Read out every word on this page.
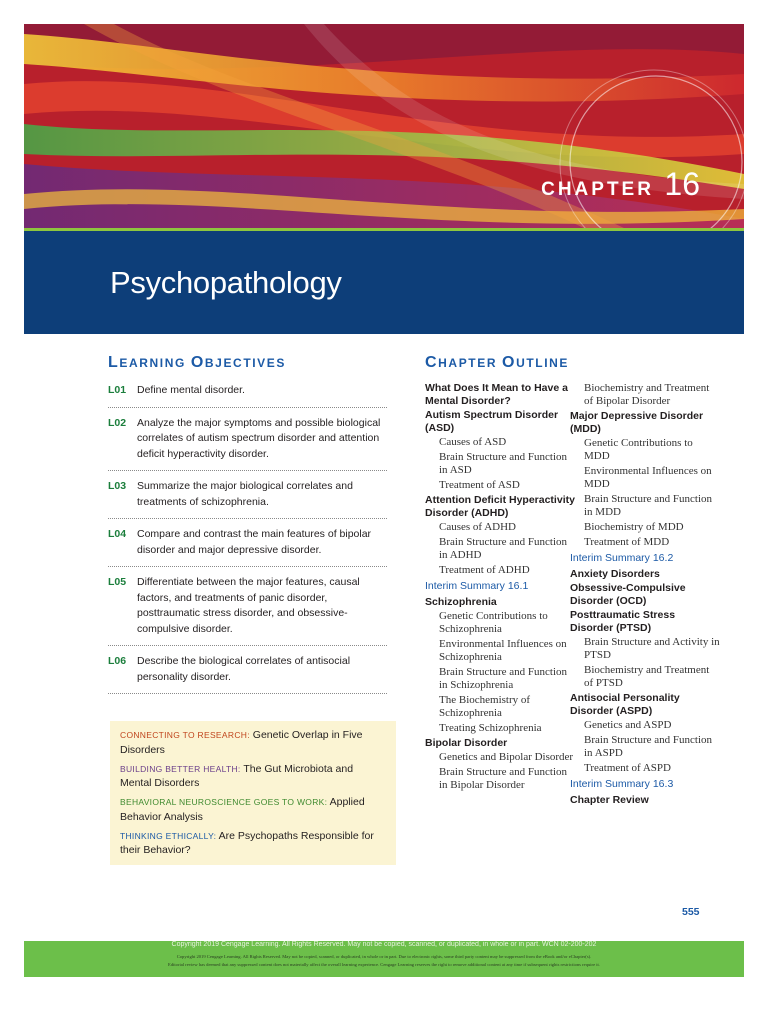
CHAPTER 16
Psychopathology
LEARNING OBJECTIVES
L01	Define mental disorder.
L02	Analyze the major symptoms and possible biological correlates of autism spectrum disorder and attention deficit hyperactivity disorder.
L03	Summarize the major biological correlates and treatments of schizophrenia.
L04	Compare and contrast the main features of bipolar disorder and major depressive disorder.
L05	Differentiate between the major features, causal factors, and treatments of panic disorder, posttraumatic stress disorder, and obsessive-compulsive disorder.
L06	Describe the biological correlates of antisocial personality disorder.
CONNECTING TO RESEARCH: Genetic Overlap in Five Disorders
BUILDING BETTER HEALTH: The Gut Microbiota and Mental Disorders
BEHAVIORAL NEUROSCIENCE GOES TO WORK: Applied Behavior Analysis
THINKING ETHICALLY: Are Psychopaths Responsible for their Behavior?
CHAPTER OUTLINE
What Does It Mean to Have a Mental Disorder?
Autism Spectrum Disorder (ASD)
Causes of ASD
Brain Structure and Function in ASD
Treatment of ASD
Attention Deficit Hyperactivity Disorder (ADHD)
Causes of ADHD
Brain Structure and Function in ADHD
Treatment of ADHD
Interim Summary 16.1
Schizophrenia
Genetic Contributions to Schizophrenia
Environmental Influences on Schizophrenia
Brain Structure and Function in Schizophrenia
The Biochemistry of Schizophrenia
Treating Schizophrenia
Bipolar Disorder
Genetics and Bipolar Disorder
Brain Structure and Function in Bipolar Disorder
Biochemistry and Treatment of Bipolar Disorder
Major Depressive Disorder (MDD)
Genetic Contributions to MDD
Environmental Influences on MDD
Brain Structure and Function in MDD
Biochemistry of MDD
Treatment of MDD
Interim Summary 16.2
Anxiety Disorders
Obsessive-Compulsive Disorder (OCD)
Posttraumatic Stress Disorder (PTSD)
Brain Structure and Activity in PTSD
Biochemistry and Treatment of PTSD
Antisocial Personality Disorder (ASPD)
Genetics and ASPD
Brain Structure and Function in ASPD
Treatment of ASPD
Interim Summary 16.3
Chapter Review
555
Copyright 2019 Cengage Learning. All Rights Reserved. May not be copied, scanned, or duplicated, in whole or in part. WCN 02-200-202
Copyright 2019 Cengage Learning. All Rights Reserved. May not be copied, scanned, or duplicated, in whole or in part. Due to electronic rights, some third party content may be suppressed from the eBook and/or eChapter(s).
Editorial review has deemed that any suppressed content does not materially affect the overall learning experience. Cengage Learning reserves the right to remove additional content at any time if subsequent rights restrictions require it.
